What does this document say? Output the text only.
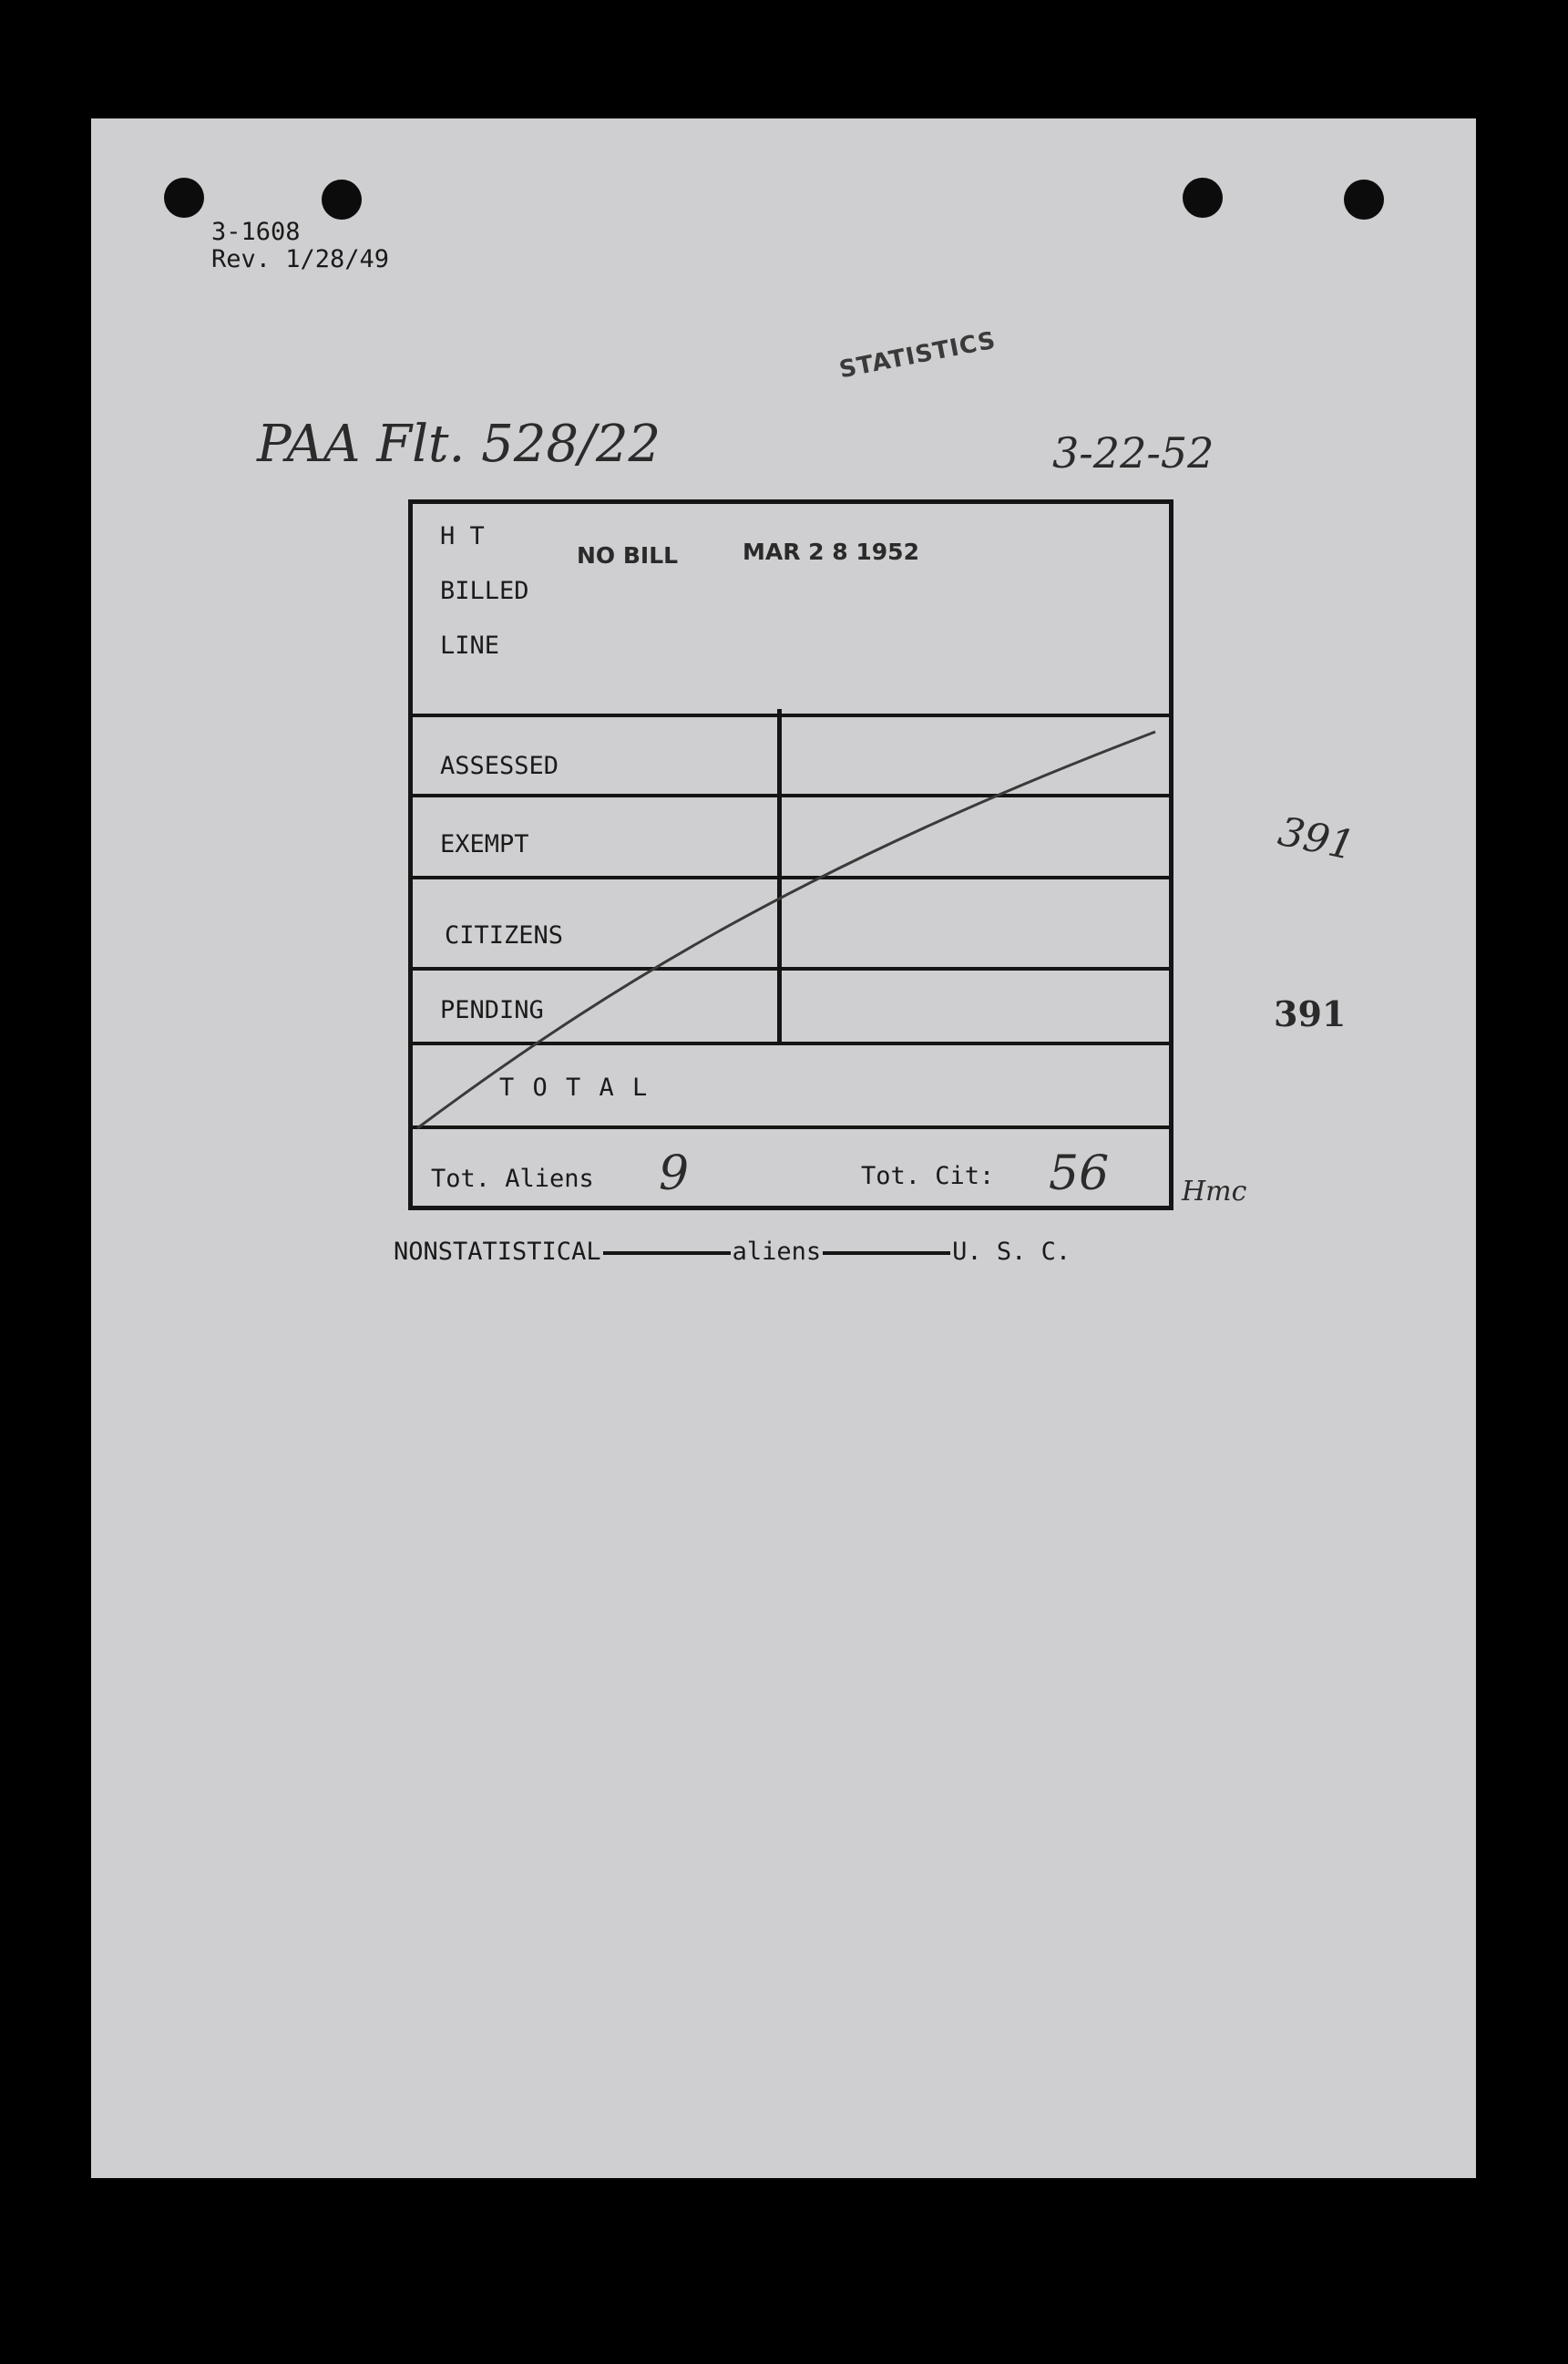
3-1608
Rev. 1/28/49
STATISTICS
PAA Flt. 528/22	3-22-52
H T
BILLED
LINE
NO BILL	MAR 2 8 1952
ASSESSED
EXEMPT
CITIZENS
PENDING
T O T A L
Tot. Aliens 9	Tot. Cit: 56
391
391
Hmc
NONSTATISTICAL	aliens	U. S. C.
